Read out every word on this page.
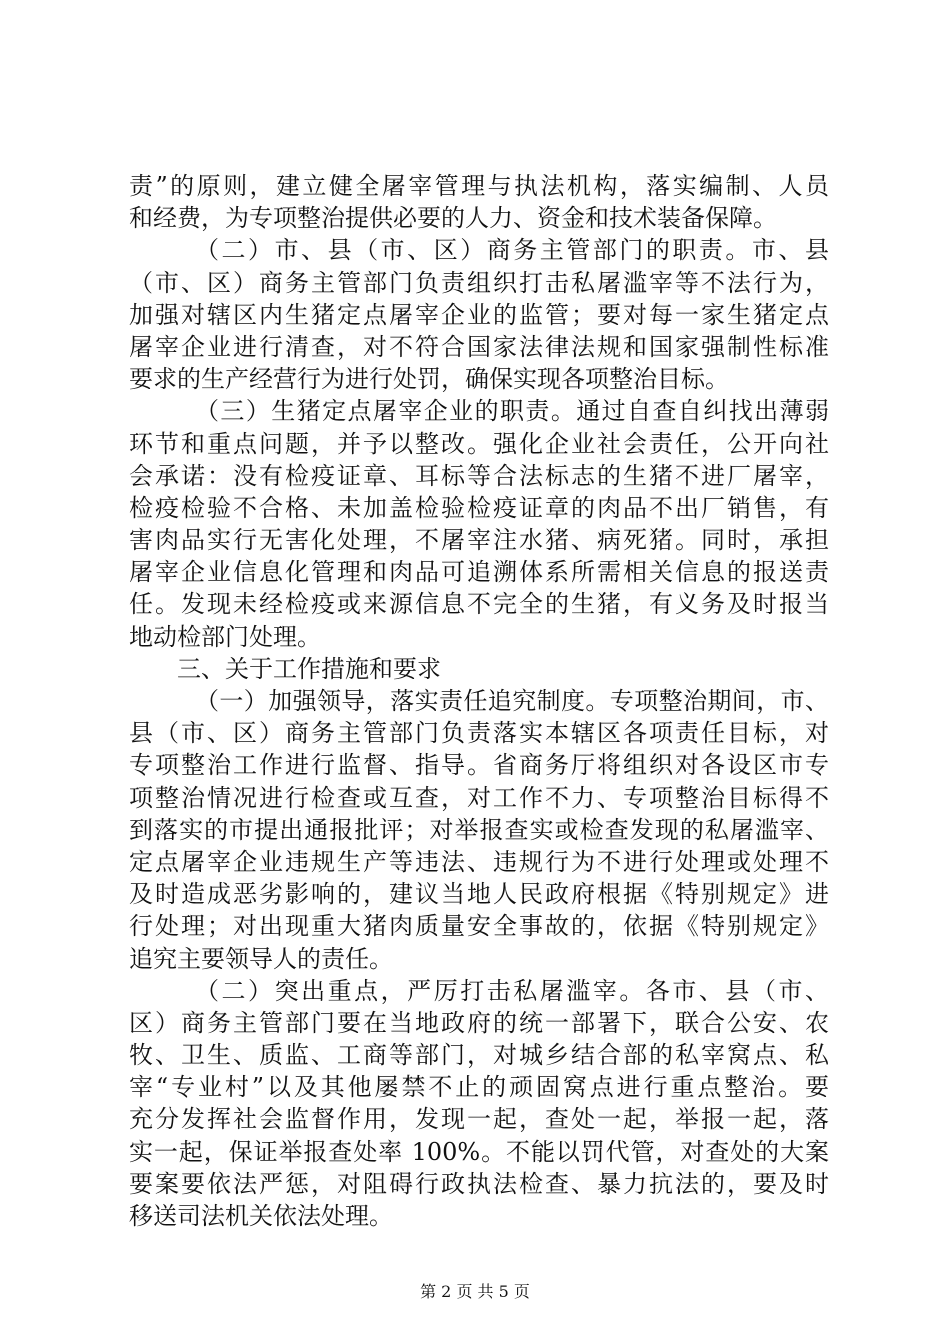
责”的原则，建立健全屠宰管理与执法机构，落实编制、人员
和经费，为专项整治提供必要的人力、资金和技术装备保障。
（二）市、县（市、区）商务主管部门的职责。市、县
（市、区）商务主管部门负责组织打击私屠滥宰等不法行为，
加强对辖区内生猪定点屠宰企业的监管；要对每一家生猪定点
屠宰企业进行清查，对不符合国家法律法规和国家强制性标准
要求的生产经营行为进行处罚，确保实现各项整治目标。
（三）生猪定点屠宰企业的职责。通过自查自纠找出薄弱
环节和重点问题，并予以整改。强化企业社会责任，公开向社
会承诺：没有检疫证章、耳标等合法标志的生猪不进厂屠宰，
检疫检验不合格、未加盖检验检疫证章的肉品不出厂销售，有
害肉品实行无害化处理，不屠宰注水猪、病死猪。同时，承担
屠宰企业信息化管理和肉品可追溯体系所需相关信息的报送责
任。发现未经检疫或来源信息不完全的生猪，有义务及时报当
地动检部门处理。
三、关于工作措施和要求
（一）加强领导，落实责任追究制度。专项整治期间，市、
县（市、区）商务主管部门负责落实本辖区各项责任目标，对
专项整治工作进行监督、指导。省商务厅将组织对各设区市专
项整治情况进行检查或互查，对工作不力、专项整治目标得不
到落实的市提出通报批评；对举报查实或检查发现的私屠滥宰、
定点屠宰企业违规生产等违法、违规行为不进行处理或处理不
及时造成恶劣影响的，建议当地人民政府根据《特别规定》进
行处理；对出现重大猪肉质量安全事故的，依据《特别规定》
追究主要领导人的责任。
（二）突出重点，严厉打击私屠滥宰。各市、县（市、
区）商务主管部门要在当地政府的统一部署下，联合公安、农
牧、卫生、质监、工商等部门，对城乡结合部的私宰窝点、私
宰“专业村”以及其他屡禁不止的顽固窝点进行重点整治。要
充分发挥社会监督作用，发现一起，查处一起，举报一起，落
实一起，保证举报查处率 100%。不能以罚代管，对查处的大案
要案要依法严惩，对阻碍行政执法检查、暴力抗法的，要及时
移送司法机关依法处理。
第 2 页 共 5 页
